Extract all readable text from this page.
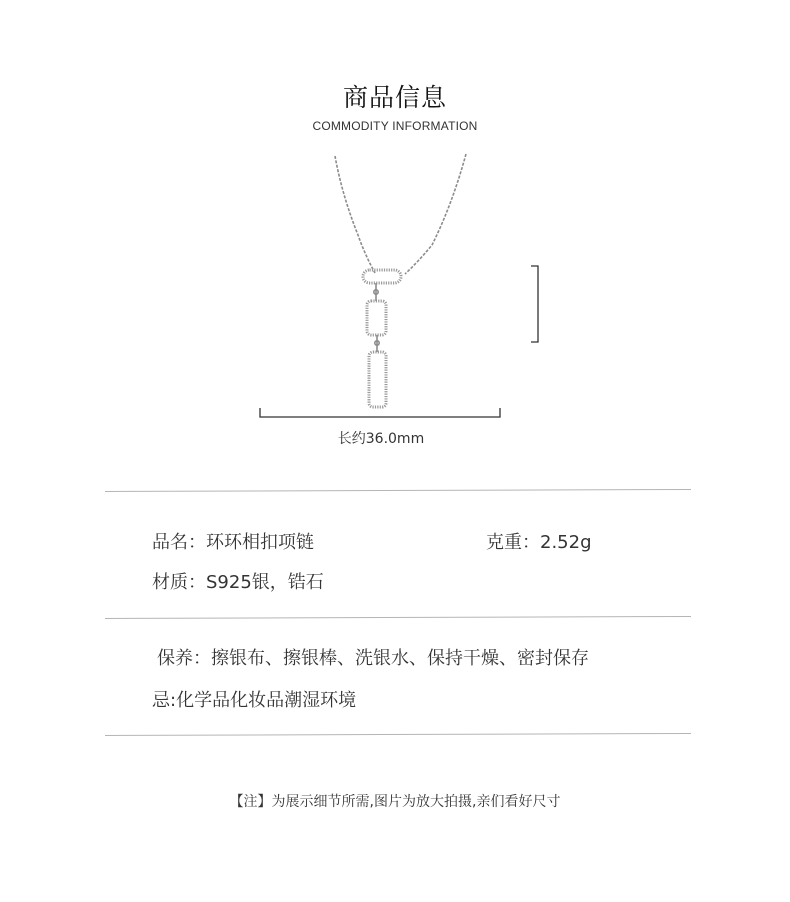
商品信息
COMMODITY INFORMATION
长约36.0mm
品名：环环相扣项链	克重：2.52g
材质：S925银，锆石
保养：擦银布、擦银棒、洗银水、保持干燥、密封保存
忌:化学品化妆品潮湿环境
【注】为展示细节所需,图片为放大拍摄,亲们看好尺寸
